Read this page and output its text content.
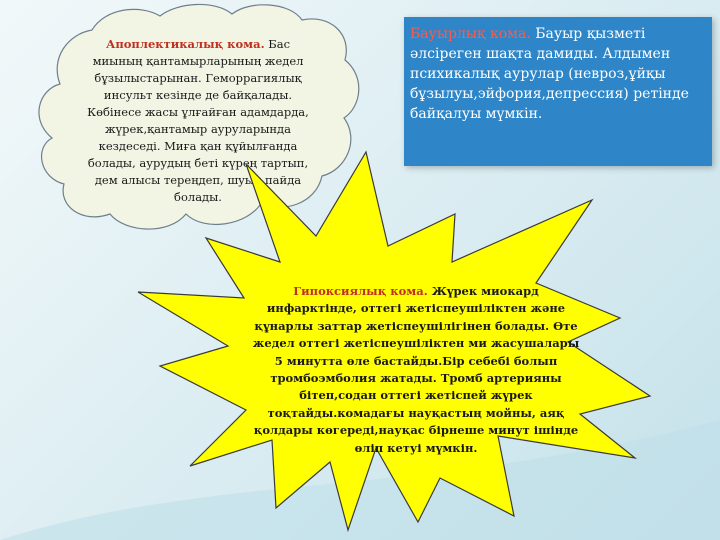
Апоплектикалық кома. Бас миының қантамырларының жедел бұзылыстарынан. Геморрагиялық инсульт кезінде де байқалады. Көбінесе жасы ұлғайған адамдарда, жүрек,қантамыр ауруларында кездеседі. Миға қан құйылғанда болады, аурудың беті күрең тартып, дем алысы тереңдеп, шуыл пайда болады.
Бауырлық кома. Бауыр қызметі әлсіреген шақта дамиды. Алдымен психикалық аурулар (невроз,ұйқы бұзылуы,эйфория,депрессия) ретінде байқалуы мүмкін.
Гипоксиялық кома. Жүрек миокард инфарктінде, оттегі жетіспеушіліктен және құнарлы заттар жетіспеушілігінен болады. Өте жедел оттегі жетіспеушіліктен ми жасушалары 5 минутта өле бастайды.Бір себебі болып тромбоэмболия жатады. Тромб артерияны бітеп,содан оттегі жетіспей жүрек тоқтайды.комадағы науқастың мойны, аяқ қолдары көгереді,науқас бірнеше минут ішінде өліп кетуі мүмкін.
